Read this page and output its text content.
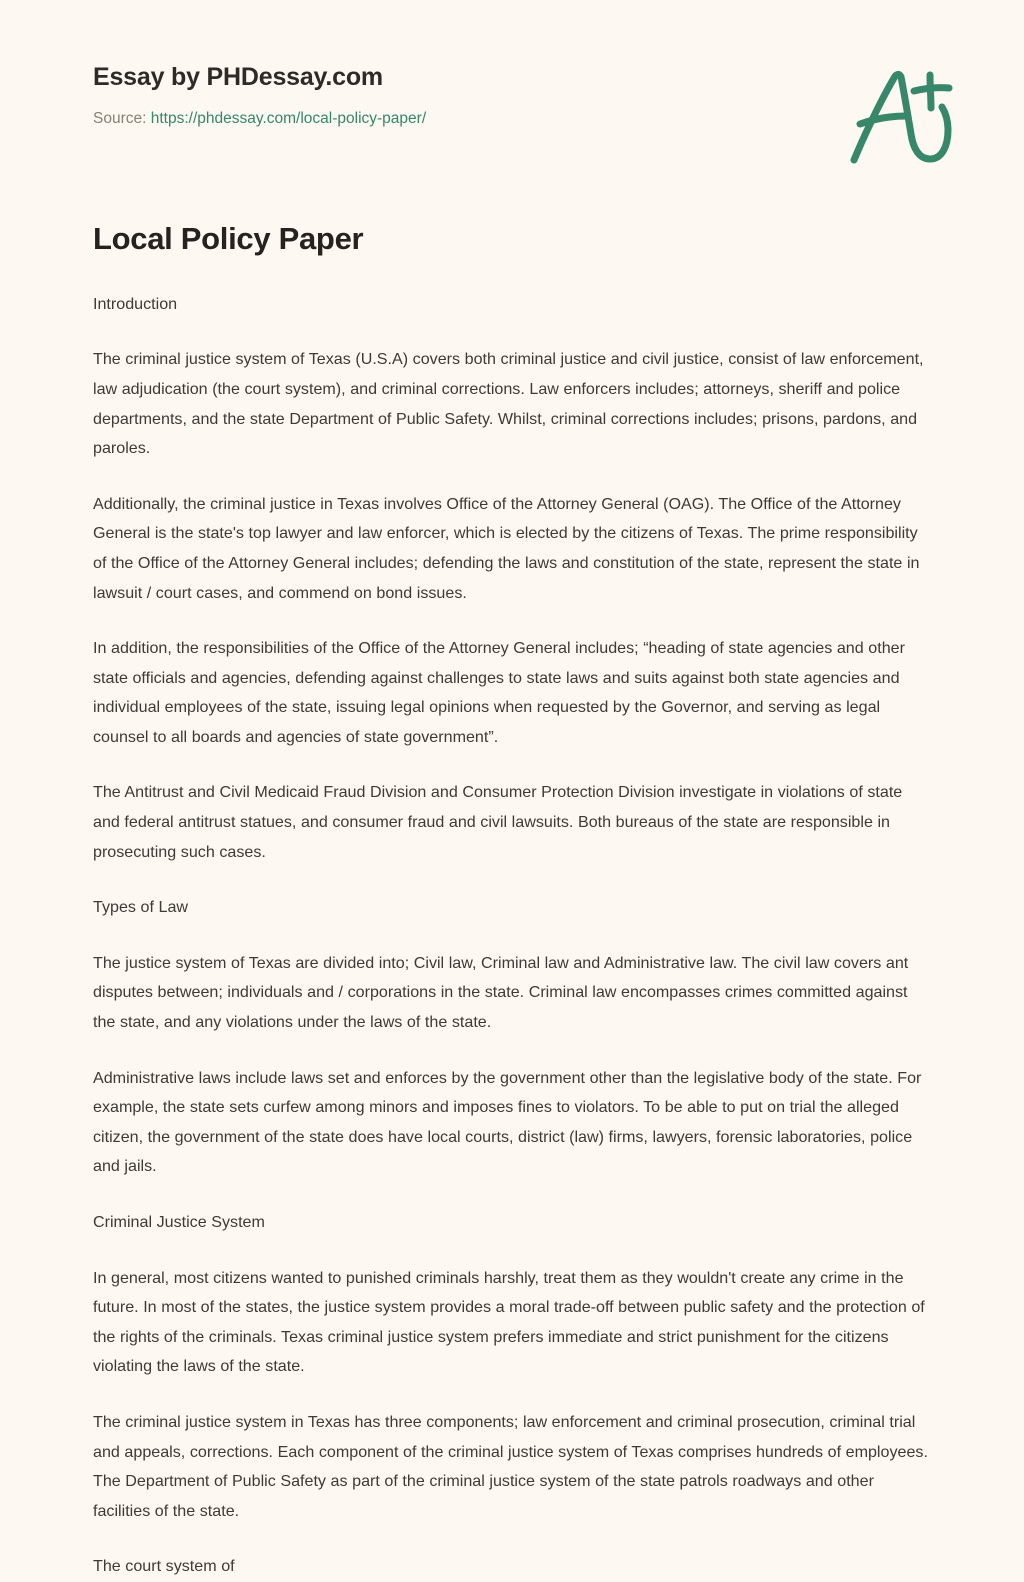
Essay by PHDessay.com
Source: https://phdessay.com/local-policy-paper/
Local Policy Paper

Introduction

The criminal justice system of Texas (U.S.A) covers both criminal justice and civil justice, consist of law enforcement, law adjudication (the court system), and criminal corrections. Law enforcers includes; attorneys, sheriff and police departments, and the state Department of Public Safety. Whilst, criminal corrections includes; prisons, pardons, and paroles.

Additionally, the criminal justice in Texas involves Office of the Attorney General (OAG). The Office of the Attorney General is the state's top lawyer and law enforcer, which is elected by the citizens of Texas. The prime responsibility of the Office of the Attorney General includes; defending the laws and constitution of the state, represent the state in lawsuit / court cases, and commend on bond issues.

In addition, the responsibilities of the Office of the Attorney General includes; “heading of state agencies and other state officials and agencies, defending against challenges to state laws and suits against both state agencies and individual employees of the state, issuing legal opinions when requested by the Governor, and serving as legal counsel to all boards and agencies of state government”.

The Antitrust and Civil Medicaid Fraud Division and Consumer Protection Division investigate in violations of state and federal antitrust statues, and consumer fraud and civil lawsuits. Both bureaus of the state are responsible in prosecuting such cases.

Types of Law

The justice system of Texas are divided into; Civil law, Criminal law and Administrative law. The civil law covers ant disputes between; individuals and / corporations in the state. Criminal law encompasses crimes committed against the state, and any violations under the laws of the state.

Administrative laws include laws set and enforces by the government other than the legislative body of the state. For example, the state sets curfew among minors and imposes fines to violators. To be able to put on trial the alleged citizen, the government of the state does have local courts, district (law) firms, lawyers, forensic laboratories, police and jails.

Criminal Justice System

In general, most citizens wanted to punished criminals harshly, treat them as they wouldn't create any crime in the future. In most of the states, the justice system provides a moral trade-off between public safety and the protection of the rights of the criminals. Texas criminal justice system prefers immediate and strict punishment for the citizens violating the laws of the state.

The criminal justice system in Texas has three components; law enforcement and criminal prosecution, criminal trial and appeals, corrections. Each component of the criminal justice system of Texas comprises hundreds of employees. The Department of Public Safety as part of the criminal justice system of the state patrols roadways and other facilities of the state.

The court system of
